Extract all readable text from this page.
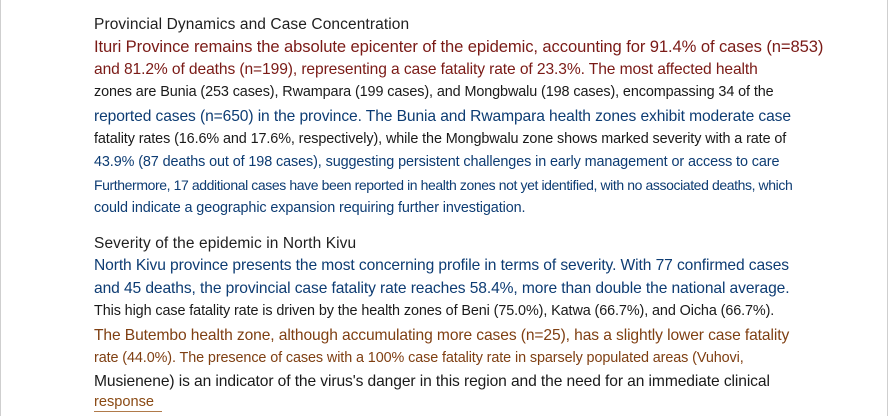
Provincial Dynamics and Case Concentration
Ituri Province remains the absolute epicenter of the epidemic, accounting for 91.4% of cases (n=853)
and 81.2% of deaths (n=199), representing a case fatality rate of 23.3%. The most affected health
zones are Bunia (253 cases), Rwampara (199 cases), and Mongbwalu (198 cases), encompassing 34 of the
reported cases (n=650) in the province. The Bunia and Rwampara health zones exhibit moderate case
fatality rates (16.6% and 17.6%, respectively), while the Mongbwalu zone shows marked severity with a rate of
43.9% (87 deaths out of 198 cases), suggesting persistent challenges in early management or access to care
Furthermore, 17 additional cases have been reported in health zones not yet identified, with no associated deaths, which
could indicate a geographic expansion requiring further investigation.
Severity of the epidemic in North Kivu
North Kivu province presents the most concerning profile in terms of severity. With 77 confirmed cases
and 45 deaths, the provincial case fatality rate reaches 58.4%, more than double the national average.
This high case fatality rate is driven by the health zones of Beni (75.0%), Katwa (66.7%), and Oicha (66.7%).
The Butembo health zone, although accumulating more cases (n=25), has a slightly lower case fatality
rate (44.0%). The presence of cases with a 100% case fatality rate in sparsely populated areas (Vuhovi,
Musienene) is an indicator of the virus's danger in this region and the need for an immediate clinical
response
